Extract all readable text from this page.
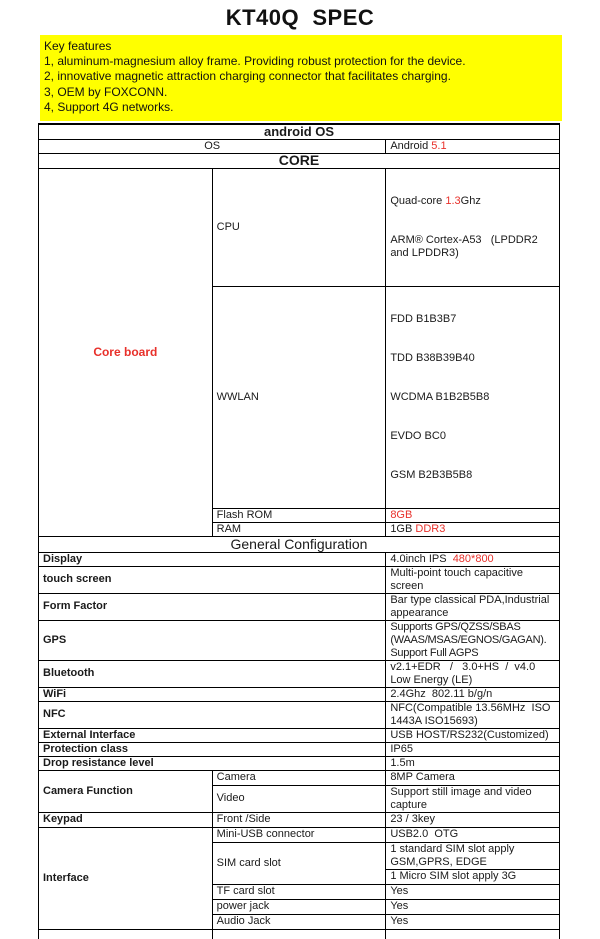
KT40Q  SPEC
Key features
1, aluminum-magnesium alloy frame. Providing robust protection for the device.
2, innovative magnetic attraction charging connector that facilitates charging.
3, OEM by FOXCONN.
4, Support 4G networks.
android OS		
OS		Android 5.1
CORE		
Core board	CPU	Quad-core 1.3Ghz

ARM® Cortex-A53   (LPDDR2 and LPDDR3)

	WWLAN	FDD B1B3B7

TDD B38B39B40

WCDMA B1B2B5B8

EVDO BC0

GSM B2B3B5B8

	Flash ROM	8GB
	RAM	1GB DDR3
General Configuration		
Display		4.0inch IPS  480*800
touch screen		Multi-point touch capacitive screen
Form Factor		Bar type classical PDA,Industrial appearance
GPS		Supports GPS/QZSS/SBAS (WAAS/MSAS/EGNOS/GAGAN). Support Full AGPS
Bluetooth		v2.1+EDR   /   3.0+HS  /  v4.0 Low Energy (LE)
WiFi		2.4Ghz  802.11 b/g/n
NFC		NFC(Compatible 13.56MHz  ISO 1443A ISO15693)
External Interface		USB HOST/RS232(Customized)
Protection class		IP65
Drop resistance level		1.5m
Camera Function	Camera	8MP Camera
	Video	Support still image and video capture
Keypad	Front /Side	23 / 3key
Interface	Mini-USB connector	USB2.0  OTG
	SIM card slot	1 standard SIM slot apply GSM,GPRS, EDGE
		1 Micro SIM slot apply 3G
	TF card slot	Yes
	power jack	Yes
	Audio Jack	Yes
